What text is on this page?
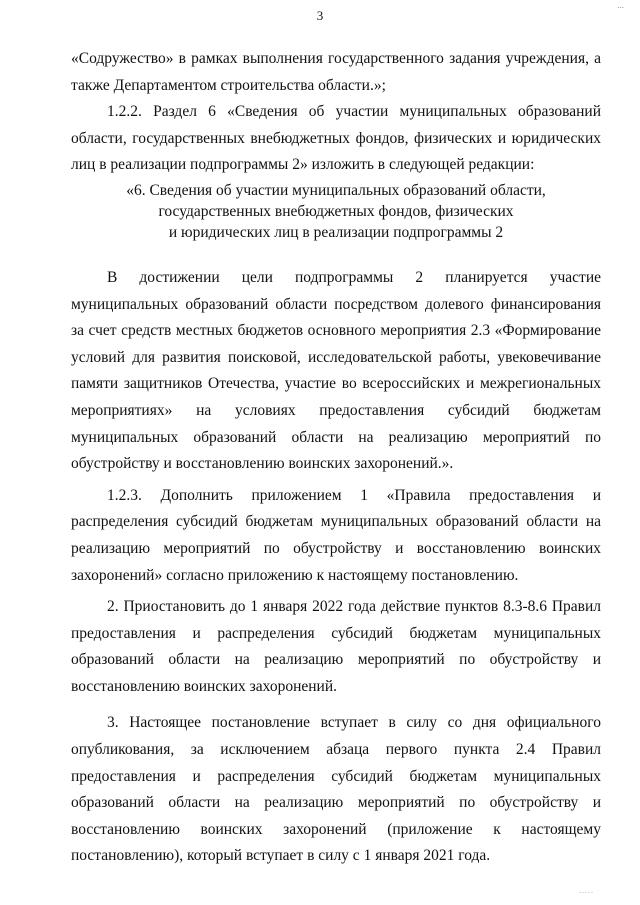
...
3

«Содружество» в рамках выполнения государственного задания учреждения, а также Департаментом строительства области.»;

1.2.2. Раздел 6 «Сведения об участии муниципальных образований области, государственных внебюджетных фондов, физических и юридических лиц в реализации подпрограммы 2» изложить в следующей редакции:

«6. Сведения об участии муниципальных образований области,
государственных внебюджетных фондов, физических
и юридических лиц в реализации подпрограммы 2

В достижении цели подпрограммы 2 планируется участие муниципальных образований области посредством долевого финансирования за счет средств местных бюджетов основного мероприятия 2.3 «Формирование условий для развития поисковой, исследовательской работы, увековечивание памяти защитников Отечества, участие во всероссийских и межрегиональных мероприятиях» на условиях предоставления субсидий бюджетам муниципальных образований области на реализацию мероприятий по обустройству и восстановлению воинских захоронений.».

1.2.3. Дополнить приложением 1 «Правила предоставления и распределения субсидий бюджетам муниципальных образований области на реализацию мероприятий по обустройству и восстановлению воинских захоронений» согласно приложению к настоящему постановлению.

2. Приостановить до 1 января 2022 года действие пунктов 8.3-8.6 Правил предоставления и распределения субсидий бюджетам муниципальных образований области на реализацию мероприятий по обустройству и восстановлению воинских захоронений.

3. Настоящее постановление вступает в силу со дня официального опубликования, за исключением абзаца первого пункта 2.4 Правил предоставления и распределения субсидий бюджетам муниципальных образований области на реализацию мероприятий по обустройству и восстановлению воинских захоронений (приложение к настоящему постановлению), который вступает в силу с 1 января 2021 года.

.....
